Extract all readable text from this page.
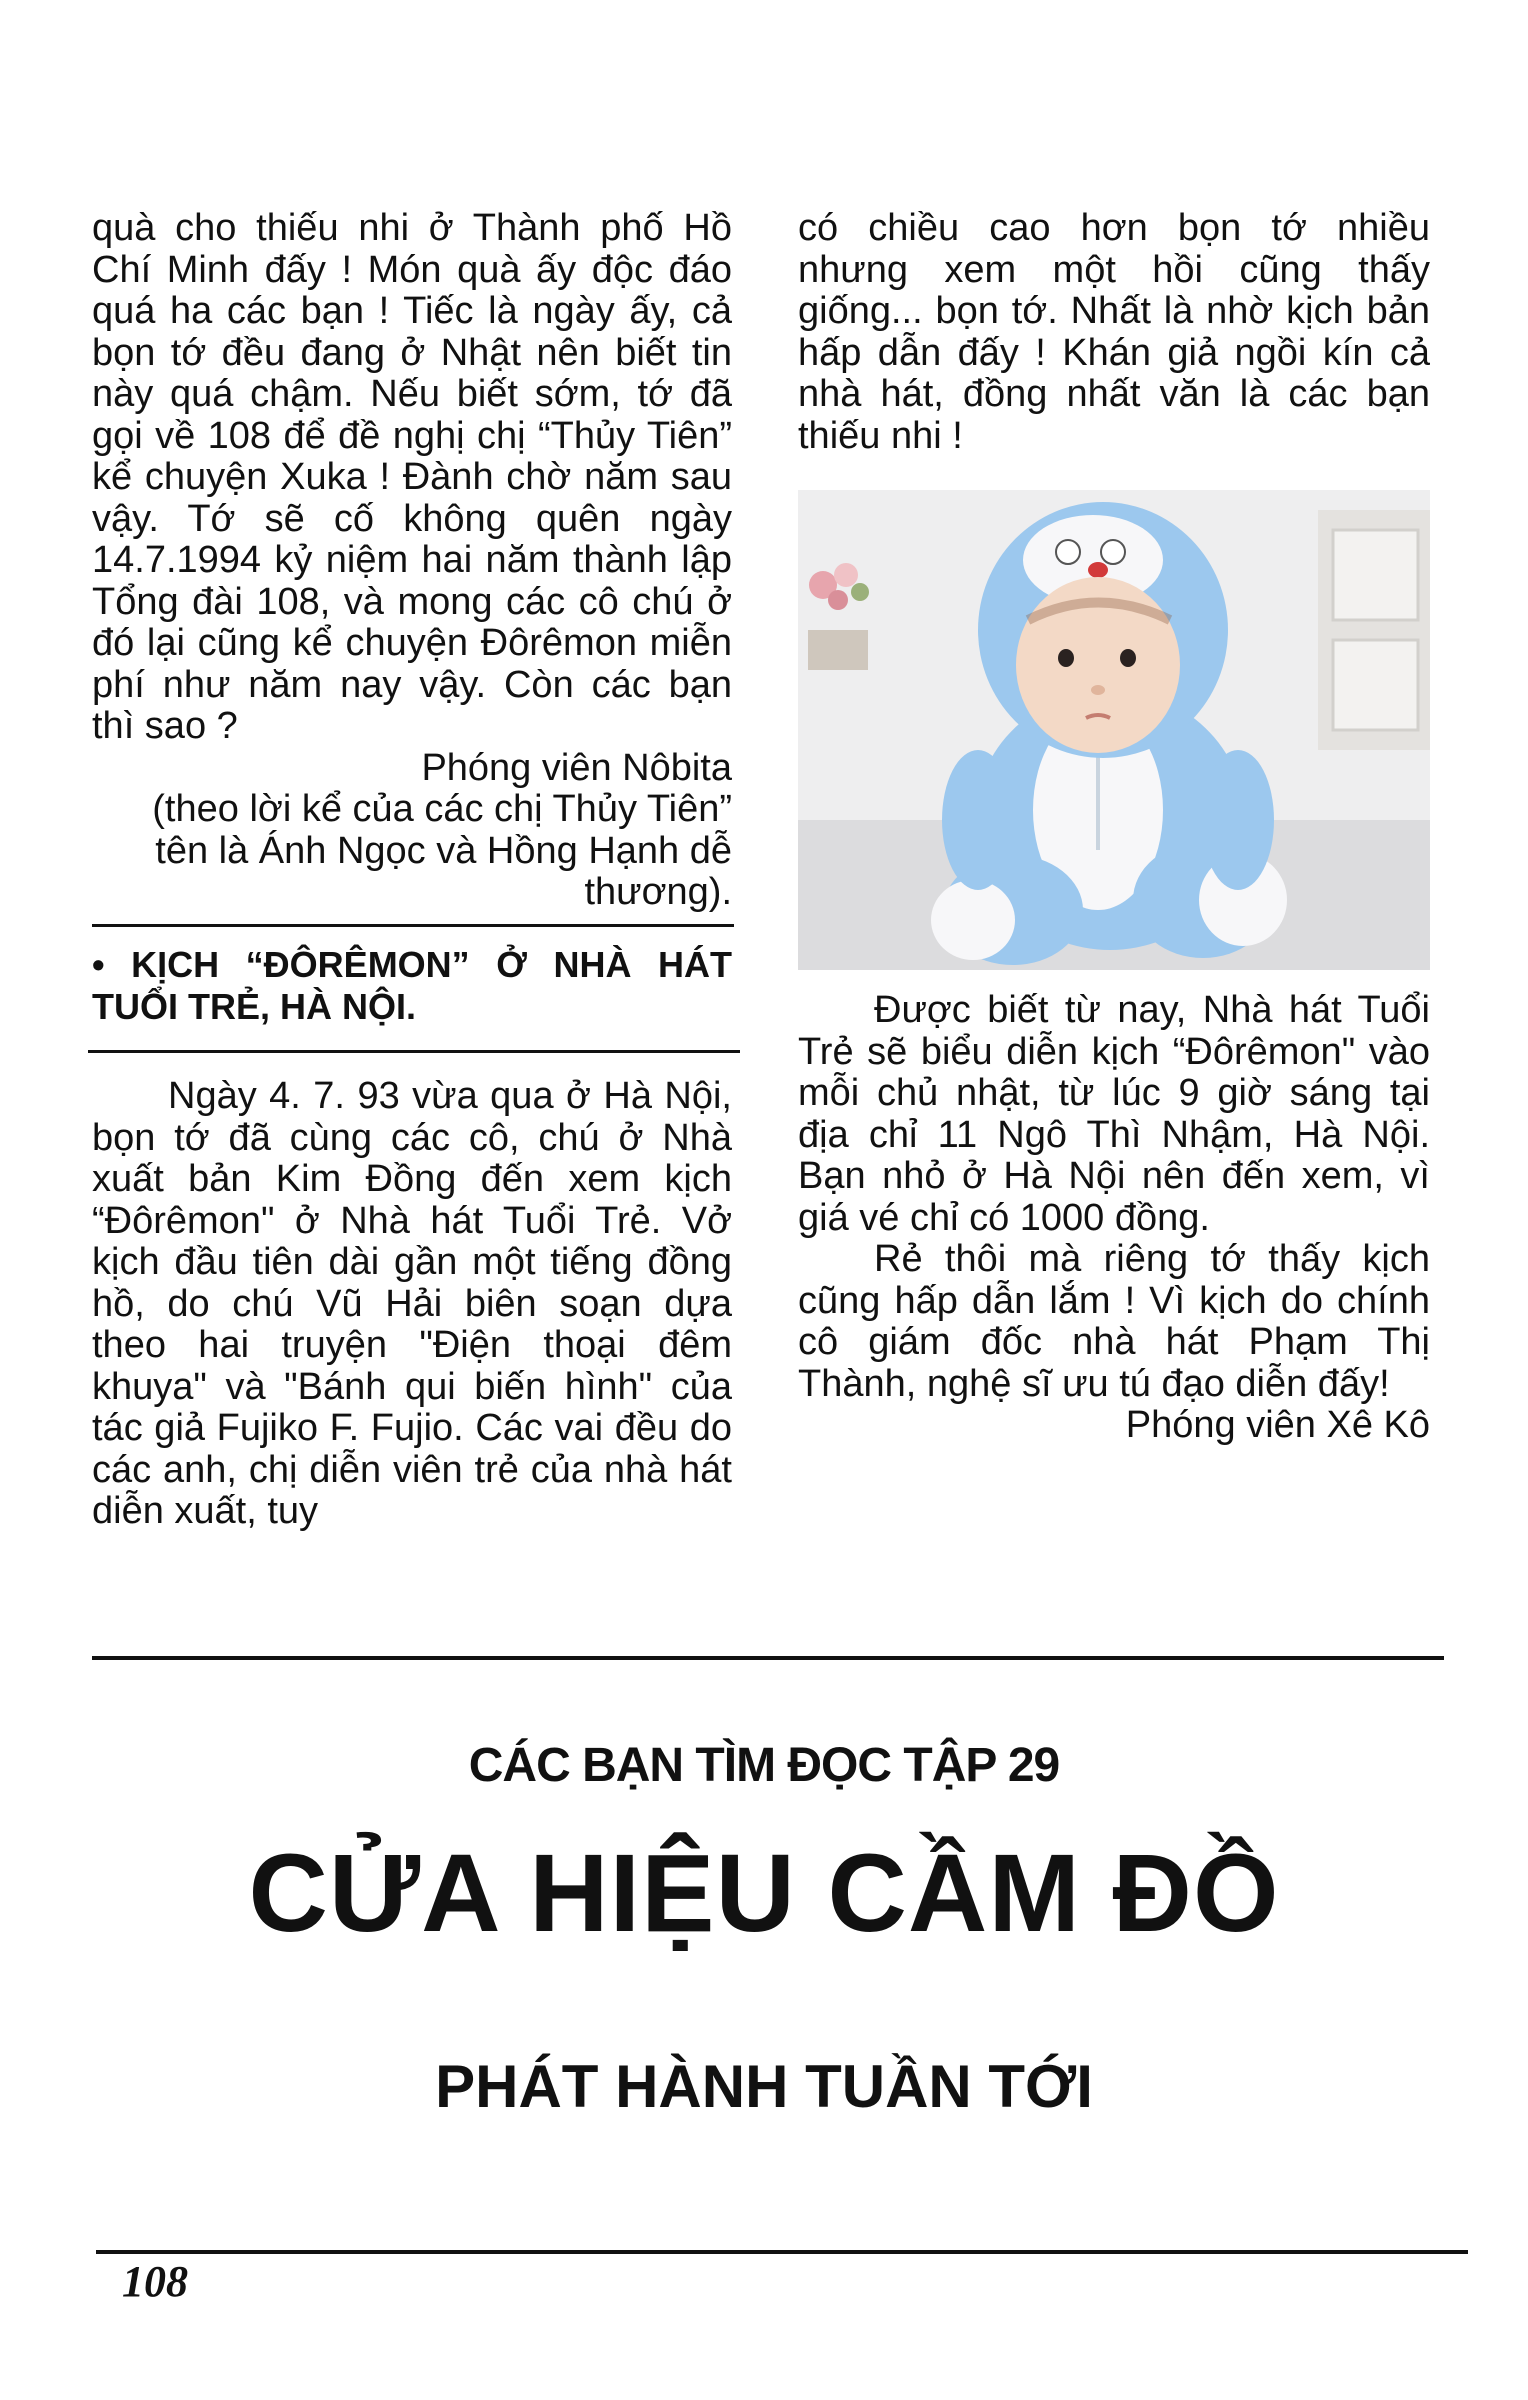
quà cho thiếu nhi ở Thành phố Hồ Chí Minh đấy ! Món quà ấy độc đáo quá ha các bạn ! Tiếc là ngày ấy, cả bọn tớ đều đang ở Nhật nên biết tin này quá chậm. Nếu biết sớm, tớ đã gọi về 108 để đề nghị chị “Thủy Tiên” kể chuyện Xuka ! Đành chờ năm sau vậy. Tớ sẽ cố không quên ngày 14.7.1994 kỷ niệm hai năm thành lập Tổng đài 108, và mong các cô chú ở đó lại cũng kể chuyện Đôrêmon miễn phí như năm nay vậy. Còn các bạn thì sao ?

Phóng viên Nôbita

(theo lời kể của các chị Thủy Tiên” tên là Ánh Ngọc và Hồng Hạnh dễ thương).

• KỊCH “ĐÔRÊMON” Ở NHÀ HÁT TUỔI TRẺ, HÀ NỘI.

Ngày 4. 7. 93 vừa qua ở Hà Nội, bọn tớ đã cùng các cô, chú ở Nhà xuất bản Kim Đồng đến xem kịch “Đôrêmon" ở Nhà hát Tuổi Trẻ. Vở kịch đầu tiên dài gần một tiếng đồng hồ, do chú Vũ Hải biên soạn dựa theo hai truyện "Điện thoại đêm khuya" và "Bánh qui biến hình" của tác giả Fujiko F. Fujio. Các vai đều do các anh, chị diễn viên trẻ của nhà hát diễn xuất, tuy

có chiều cao hơn bọn tớ nhiều nhưng xem một hồi cũng thấy giống... bọn tớ. Nhất là nhờ kịch bản hấp dẫn đấy ! Khán giả ngồi kín cả nhà hát, đồng nhất văn là các bạn thiếu nhi !

Được biết từ nay, Nhà hát Tuổi Trẻ sẽ biểu diễn kịch “Đôrêmon" vào mỗi chủ nhật, từ lúc 9 giờ sáng tại địa chỉ 11 Ngô Thì Nhậm, Hà Nội. Bạn nhỏ ở Hà Nội nên đến xem, vì giá vé chỉ có 1000 đồng.

Rẻ thôi mà riêng tớ thấy kịch cũng hấp dẫn lắm ! Vì kịch do chính cô giám đốc nhà hát Phạm Thị Thành, nghệ sĩ ưu tú đạo diễn đấy!

Phóng viên Xê Kô

CÁC BẠN TÌM ĐỌC TẬP 29
CỬA HIỆU CẦM ĐỒ
PHÁT HÀNH TUẦN TỚI
108
